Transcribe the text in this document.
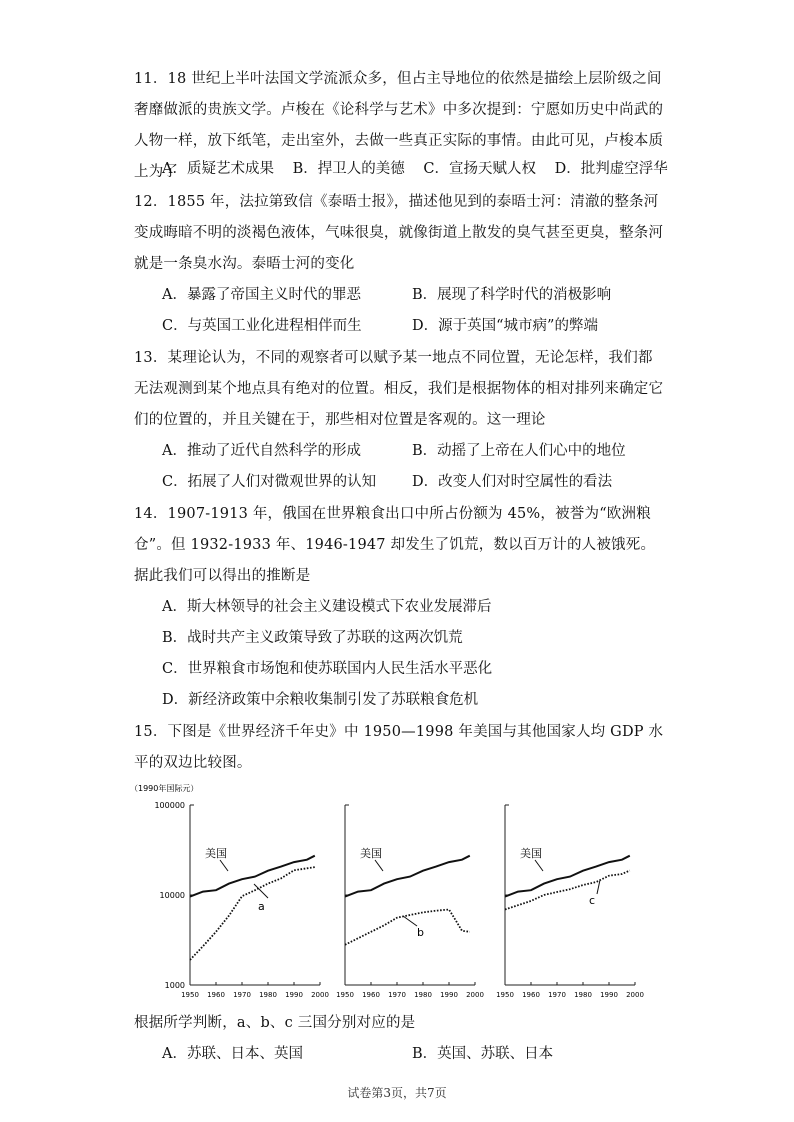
11．18 世纪上半叶法国文学流派众多，但占主导地位的依然是描绘上层阶级之间奢靡做派的贵族文学。卢梭在《论科学与艺术》中多次提到：宁愿如历史中尚武的人物一样，放下纸笔，走出室外，去做一些真正实际的事情。由此可见，卢梭本质上为了

A．质疑艺术成果 B．捍卫人的美德 C．宣扬天赋人权 D．批判虚空浮华

12．1855 年，法拉第致信《泰晤士报》，描述他见到的泰晤士河：清澈的整条河变成晦暗不明的淡褐色液体，气味很臭，就像街道上散发的臭气甚至更臭，整条河就是一条臭水沟。泰晤士河的变化

A．暴露了帝国主义时代的罪恶	B．展现了科学时代的消极影响
C．与英国工业化进程相伴而生	D．源于英国“城市病”的弊端

13．某理论认为，不同的观察者可以赋予某一地点不同位置，无论怎样，我们都无法观测到某个地点具有绝对的位置。相反，我们是根据物体的相对排列来确定它们的位置的，并且关键在于，那些相对位置是客观的。这一理论

A．推动了近代自然科学的形成	B．动摇了上帝在人们心中的地位
C．拓展了人们对微观世界的认知	D．改变人们对时空属性的看法

14．1907-1913 年，俄国在世界粮食出口中所占份额为 45%，被誉为“欧洲粮仓”。但 1932-1933 年、1946-1947 却发生了饥荒，数以百万计的人被饿死。据此我们可以得出的推断是

A．斯大林领导的社会主义建设模式下农业发展滞后
B．战时共产主义政策导致了苏联的这两次饥荒
C．世界粮食市场饱和使苏联国内人民生活水平恶化
D．新经济政策中余粮收集制引发了苏联粮食危机

15．下图是《世界经济千年史》中 1950—1998 年美国与其他国家人均 GDP 水平的双边比较图。

（1990年国际元）
100000
10000
1000
1950 1960 1970 1980 1990 2000
美国
a
1950 1960 1970 1980 1990 2000
美国
b
1950 1960 1970 1980 1990 2000
美国
c

根据所学判断，a、b、c 三国分别对应的是

A．苏联、日本、英国	B．英国、苏联、日本
试卷第3页，共7页
